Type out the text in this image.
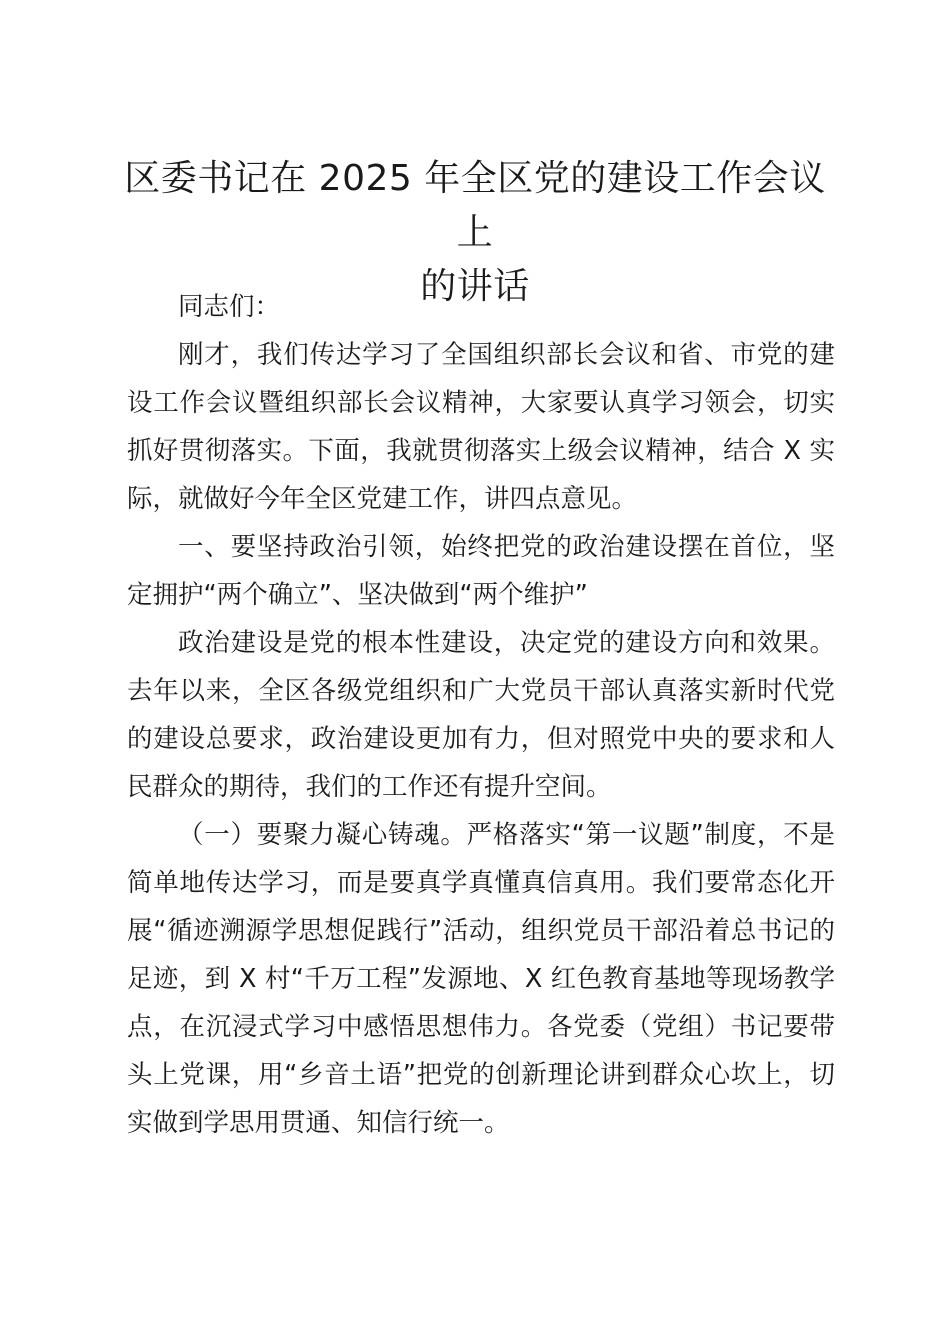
区委书记在 2025 年全区党的建设工作会议上
的讲话

同志们：

刚才，我们传达学习了全国组织部长会议和省、市党的建设工作会议暨组织部长会议精神，大家要认真学习领会，切实抓好贯彻落实。下面，我就贯彻落实上级会议精神，结合 X 实际，就做好今年全区党建工作，讲四点意见。

一、要坚持政治引领，始终把党的政治建设摆在首位，坚定拥护“两个确立”、坚决做到“两个维护”

政治建设是党的根本性建设，决定党的建设方向和效果。去年以来，全区各级党组织和广大党员干部认真落实新时代党的建设总要求，政治建设更加有力，但对照党中央的要求和人民群众的期待，我们的工作还有提升空间。

（一）要聚力凝心铸魂。严格落实“第一议题”制度，不是简单地传达学习，而是要真学真懂真信真用。我们要常态化开展“循迹溯源学思想促践行”活动，组织党员干部沿着总书记的足迹，到 X 村“千万工程”发源地、X 红色教育基地等现场教学点，在沉浸式学习中感悟思想伟力。各党委（党组）书记要带头上党课，用“乡音土语”把党的创新理论讲到群众心坎上，切实做到学思用贯通、知信行统一。
